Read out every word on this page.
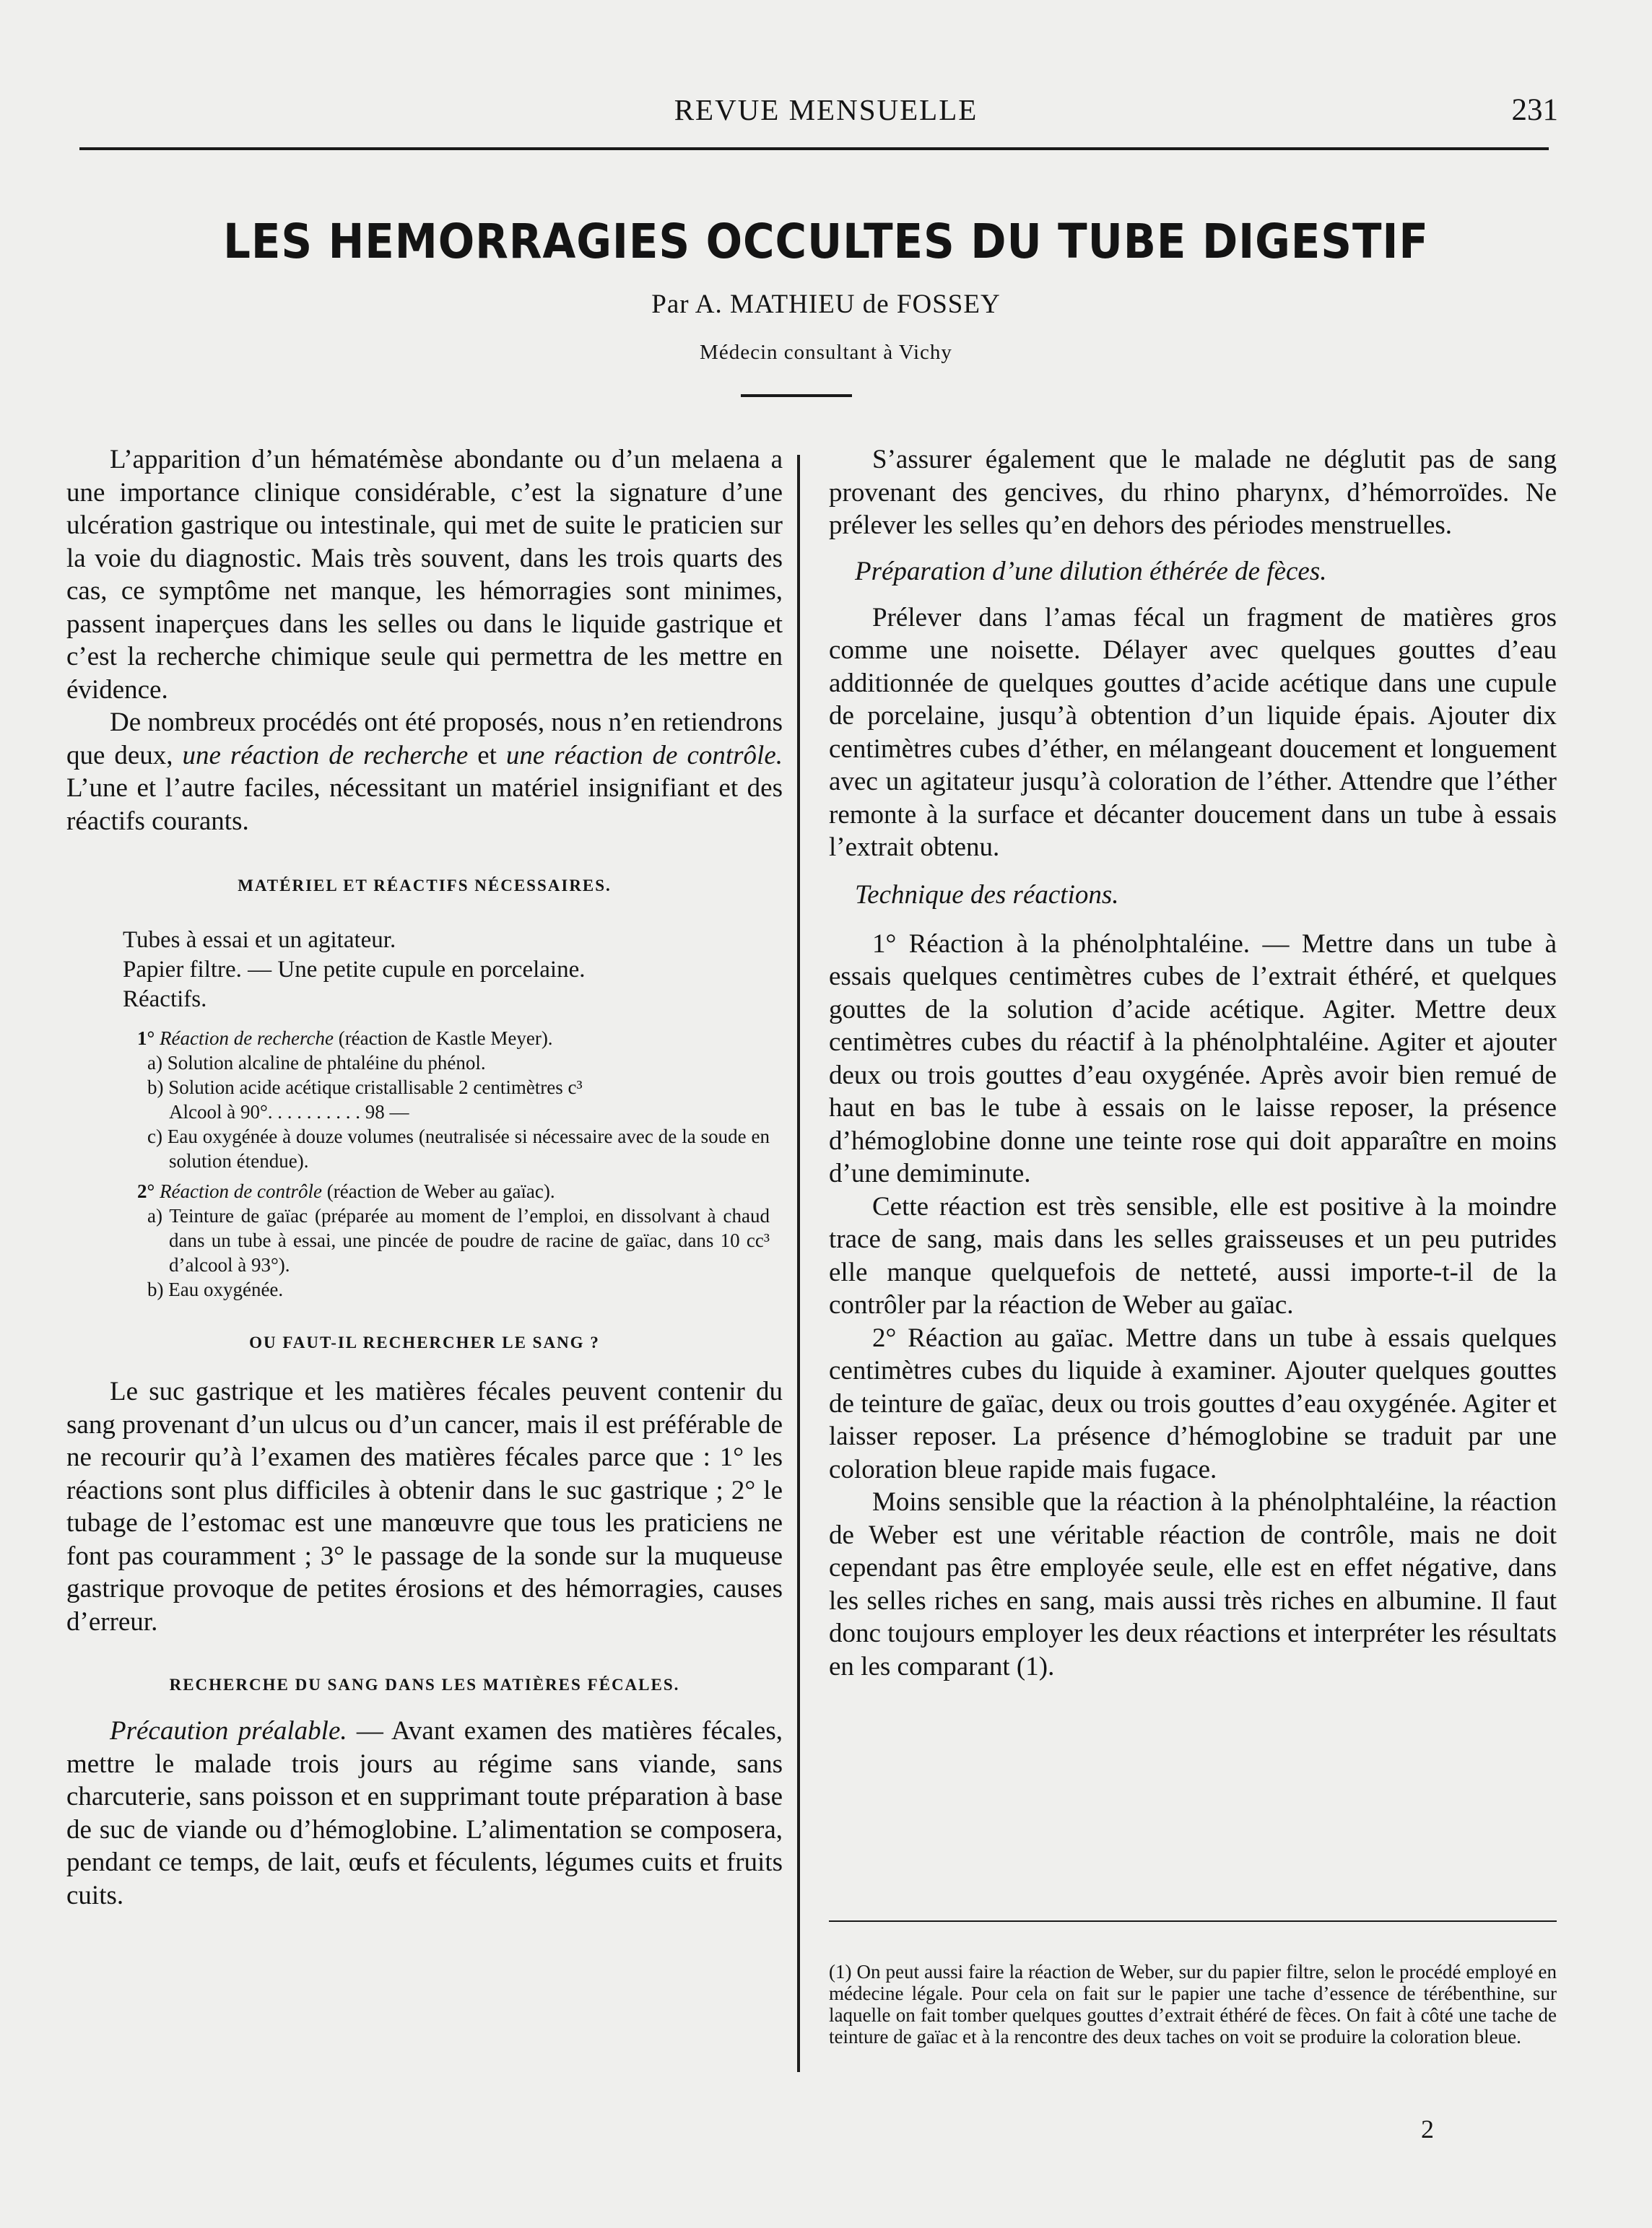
REVUE MENSUELLE	231
LES HEMORRAGIES OCCULTES DU TUBE DIGESTIF
Par A. MATHIEU de FOSSEY
Médecin consultant à Vichy

L’apparition d’un hématémèse abondante ou d’un melaena a une importance clinique considérable, c’est la signature d’une ulcération gastrique ou intestinale, qui met de suite le praticien sur la voie du diagnostic. Mais très souvent, dans les trois quarts des cas, ce symptôme net manque, les hémorragies sont minimes, passent inaperçues dans les selles ou dans le liquide gastrique et c’est la recherche chimique seule qui permettra de les mettre en évidence.

De nombreux procédés ont été proposés, nous n’en retiendrons que deux, une réaction de recherche et une réaction de contrôle. L’une et l’autre faciles, nécessitant un matériel insignifiant et des réactifs courants.

MATÉRIEL ET RÉACTIFS NÉCESSAIRES.
Tubes à essai et un agitateur.
Papier filtre. — Une petite cupule en porcelaine.
Réactifs.
1° Réaction de recherche (réaction de Kastle Meyer).
a) Solution alcaline de phtaléine du phénol.
b) Solution acide acétique cristallisable 2 centimètres c³
Alcool à 90°. . . . . . . . . . 98 —
c) Eau oxygénée à douze volumes (neutralisée si nécessaire avec de la soude en solution étendue).
2° Réaction de contrôle (réaction de Weber au gaïac).
a) Teinture de gaïac (préparée au moment de l’emploi, en dissolvant à chaud dans un tube à essai, une pincée de poudre de racine de gaïac, dans 10 cc³ d’alcool à 93°).
b) Eau oxygénée.
OU FAUT-IL RECHERCHER LE SANG ?

Le suc gastrique et les matières fécales peuvent contenir du sang provenant d’un ulcus ou d’un cancer, mais il est préférable de ne recourir qu’à l’examen des matières fécales parce que : 1° les réactions sont plus difficiles à obtenir dans le suc gastrique ; 2° le tubage de l’estomac est une manœuvre que tous les praticiens ne font pas couramment ; 3° le passage de la sonde sur la muqueuse gastrique provoque de petites érosions et des hémorragies, causes d’erreur.

RECHERCHE DU SANG DANS LES MATIÈRES FÉCALES.

Précaution préalable. — Avant examen des matières fécales, mettre le malade trois jours au régime sans viande, sans charcuterie, sans poisson et en supprimant toute préparation à base de suc de viande ou d’hémoglobine. L’alimentation se composera, pendant ce temps, de lait, œufs et féculents, légumes cuits et fruits cuits.

S’assurer également que le malade ne déglutit pas de sang provenant des gencives, du rhino pharynx, d’hémorroïdes. Ne prélever les selles qu’en dehors des périodes menstruelles.

Préparation d’une dilution éthérée de fèces.

Prélever dans l’amas fécal un fragment de matières gros comme une noisette. Délayer avec quelques gouttes d’eau additionnée de quelques gouttes d’acide acétique dans une cupule de porcelaine, jusqu’à obtention d’un liquide épais. Ajouter dix centimètres cubes d’éther, en mélangeant doucement et longuement avec un agitateur jusqu’à coloration de l’éther. Attendre que l’éther remonte à la surface et décanter doucement dans un tube à essais l’extrait obtenu.

Technique des réactions.

1° Réaction à la phénolphtaléine. — Mettre dans un tube à essais quelques centimètres cubes de l’extrait éthéré, et quelques gouttes de la solution d’acide acétique. Agiter. Mettre deux centimètres cubes du réactif à la phénolphtaléine. Agiter et ajouter deux ou trois gouttes d’eau oxygénée. Après avoir bien remué de haut en bas le tube à essais on le laisse reposer, la présence d’hémoglobine donne une teinte rose qui doit apparaître en moins d’une demiminute.

Cette réaction est très sensible, elle est positive à la moindre trace de sang, mais dans les selles graisseuses et un peu putrides elle manque quelquefois de netteté, aussi importe-t-il de la contrôler par la réaction de Weber au gaïac.

2° Réaction au gaïac. Mettre dans un tube à essais quelques centimètres cubes du liquide à examiner. Ajouter quelques gouttes de teinture de gaïac, deux ou trois gouttes d’eau oxygénée. Agiter et laisser reposer. La présence d’hémoglobine se traduit par une coloration bleue rapide mais fugace.

Moins sensible que la réaction à la phénolphtaléine, la réaction de Weber est une véritable réaction de contrôle, mais ne doit cependant pas être employée seule, elle est en effet négative, dans les selles riches en sang, mais aussi très riches en albumine. Il faut donc toujours employer les deux réactions et interpréter les résultats en les comparant (1).

(1) On peut aussi faire la réaction de Weber, sur du papier filtre, selon le procédé employé en médecine légale. Pour cela on fait sur le papier une tache d’essence de térébenthine, sur laquelle on fait tomber quelques gouttes d’extrait éthéré de fèces. On fait à côté une tache de teinture de gaïac et à la rencontre des deux taches on voit se produire la coloration bleue.
2
